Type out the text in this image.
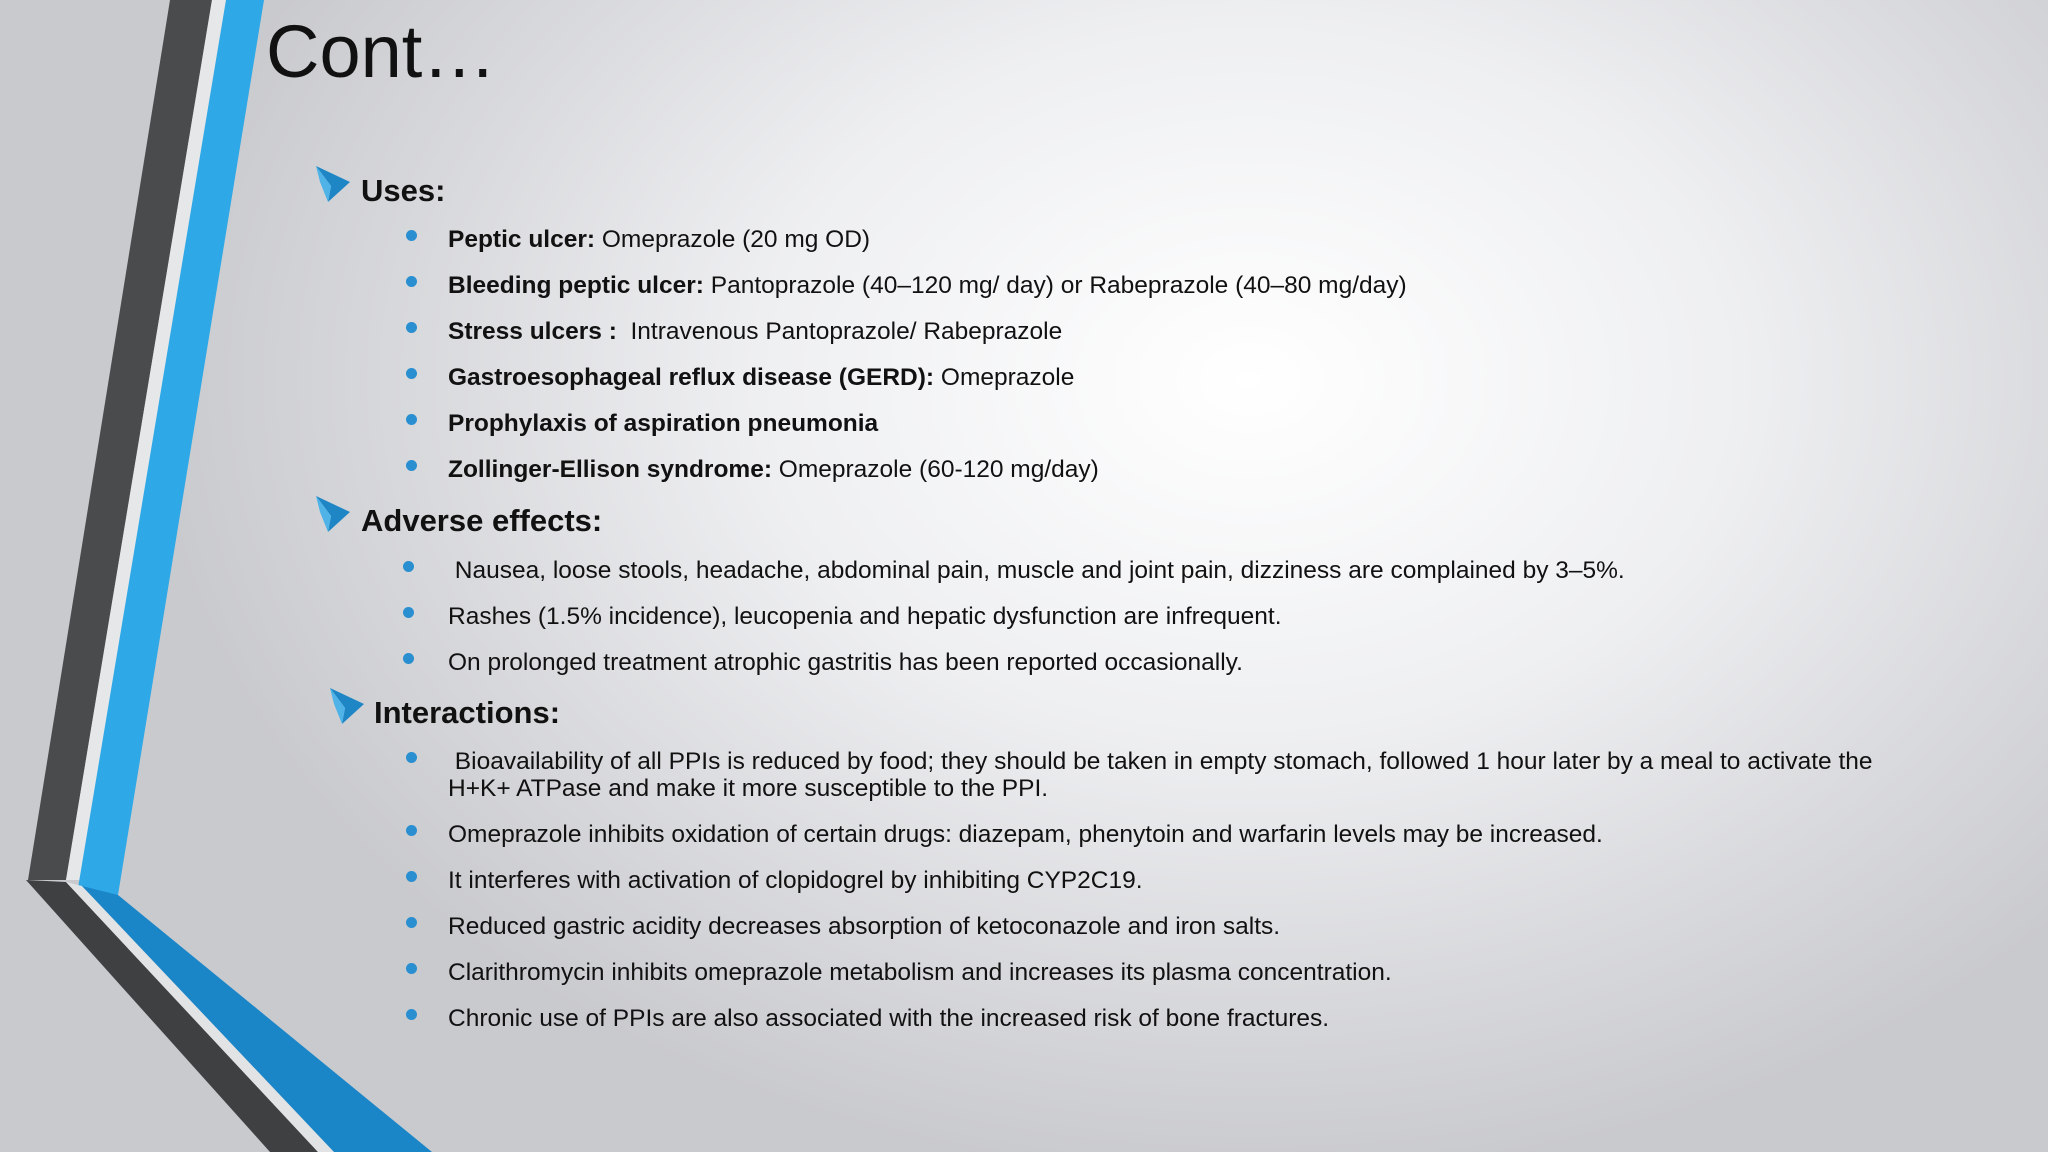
Cont…
Uses:
Peptic ulcer: Omeprazole (20 mg OD)
Bleeding peptic ulcer: Pantoprazole (40–120 mg/ day) or Rabeprazole (40–80 mg/day)
Stress ulcers :  Intravenous Pantoprazole/ Rabeprazole
Gastroesophageal reflux disease (GERD): Omeprazole
Prophylaxis of aspiration pneumonia
Zollinger-Ellison syndrome: Omeprazole (60-120 mg/day)
Adverse effects:
Nausea, loose stools, headache, abdominal pain, muscle and joint pain, dizziness are complained by 3–5%.
Rashes (1.5% incidence), leucopenia and hepatic dysfunction are infrequent.
On prolonged treatment atrophic gastritis has been reported occasionally.
Interactions:
Bioavailability of all PPIs is reduced by food; they should be taken in empty stomach, followed 1 hour later by a meal to activate the
H+K+ ATPase and make it more susceptible to the PPI.
Omeprazole inhibits oxidation of certain drugs: diazepam, phenytoin and warfarin levels may be increased.
It interferes with activation of clopidogrel by inhibiting CYP2C19.
Reduced gastric acidity decreases absorption of ketoconazole and iron salts.
Clarithromycin inhibits omeprazole metabolism and increases its plasma concentration.
Chronic use of PPIs are also associated with the increased risk of bone fractures.
